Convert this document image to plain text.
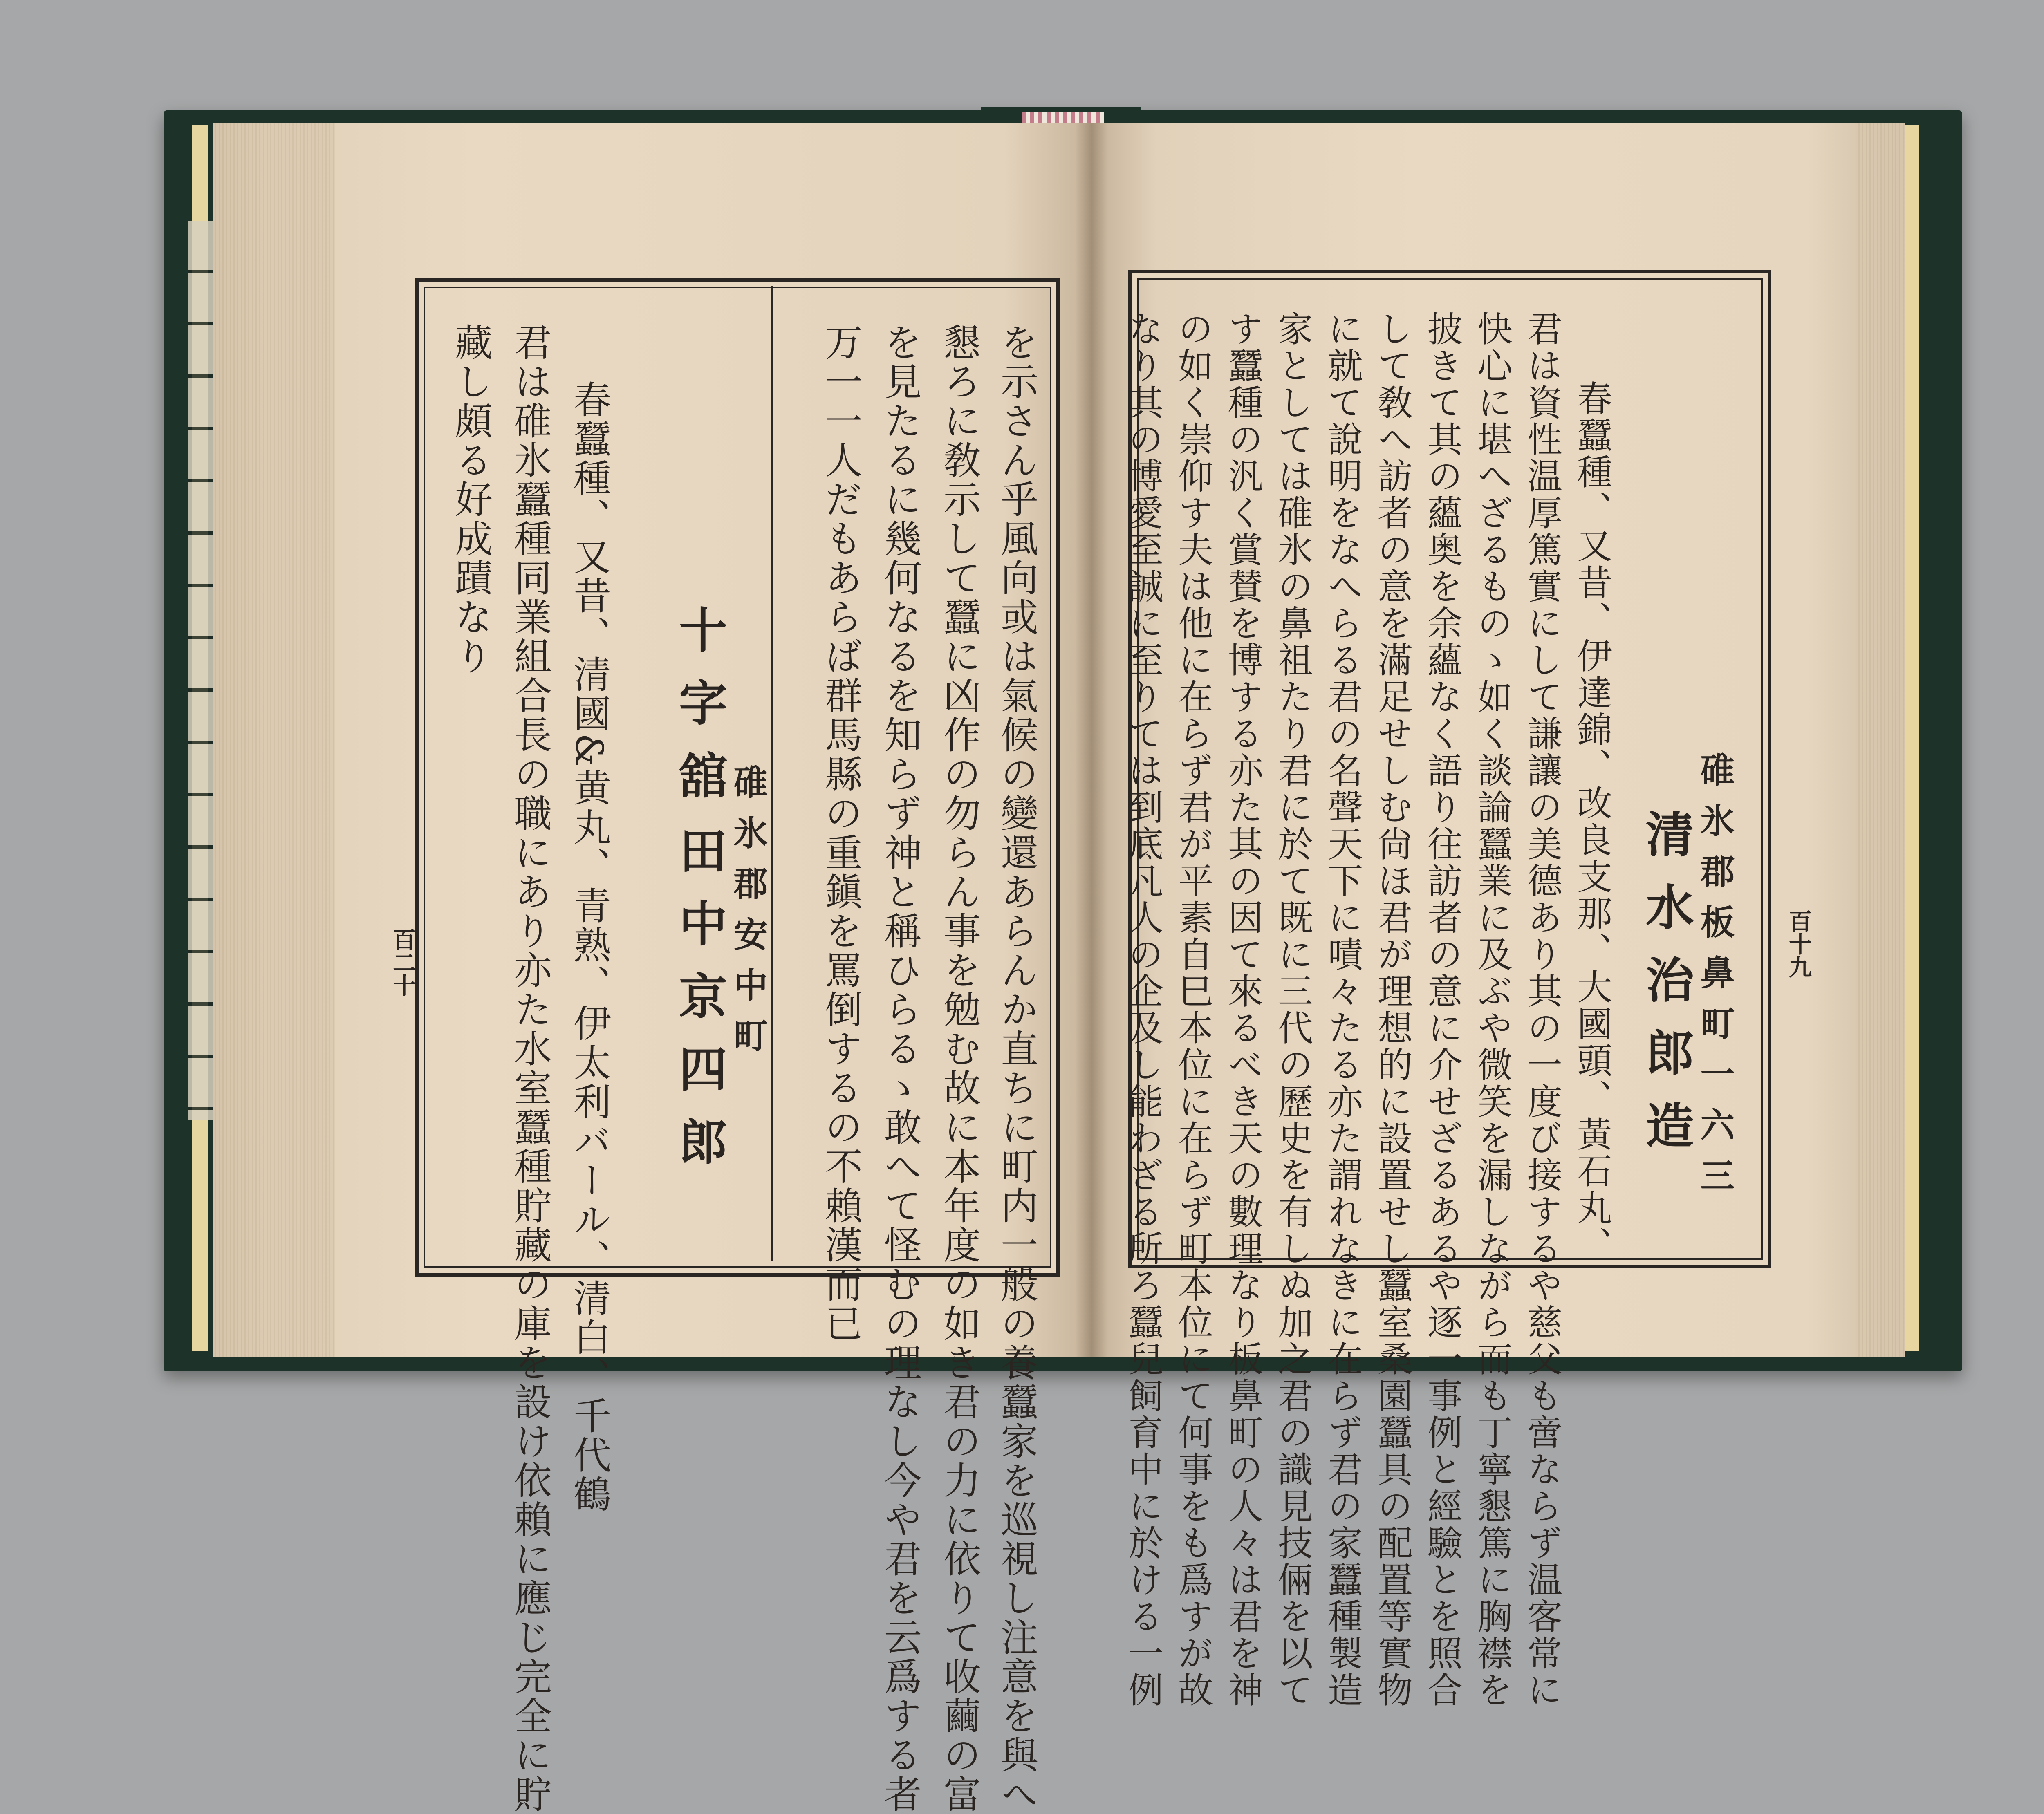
を示さん乎風向或は氣候の變還あらんか直ちに町内一般の養蠶家を巡視し注意を與へ
懇ろに敎示して蠶に凶作の勿らん事を勉む故に本年度の如き君の力に依りて收繭の富
を見たるに幾何なるを知らず神と稱ひらるゝ敢へて怪むの理なし今や君を云爲する者
万一一人だもあらば群馬縣の重鎭を罵倒するの不賴漢而已
碓氷郡安中町
田中京四郎
十字舘
春蠶種、又昔、清國&黄丸、青熟、伊太利バール、清白、千代鶴
君は碓氷蠶種同業組合長の職にあり亦た水室蠶種貯藏の庫を設け依賴に應じ完全に貯
藏し頗る好成蹟なり
百二十	百十九
碓氷郡板鼻町一六三
清水治郎造
春蠶種、又昔、伊達錦、改良支那、大國頭、黃石丸、
君は資性温厚篤實にして謙讓の美德あり其の一度び接するや慈父も啻ならず温客常に
快心に堪へざるものゝ如く談論蠶業に及ぶや微笑を漏しながら而も丁寧懇篤に胸襟を
披きて其の蘊奥を余蘊なく語り往訪者の意に介せざるあるや逐一事例と經驗とを照合
して敎へ訪者の意を滿足せしむ尙ほ君が理想的に設置せし蠶室桑園蠶具の配置等實物
に就て說明をなへらる君の名聲天下に嘖々たる亦た謂れなきに在らず君の家蠶種製造
家としては碓氷の鼻祖たり君に於て既に三代の歷史を有しぬ加之君の識見技倆を以て
す蠶種の汎く賞賛を博する亦た其の因て來るべき天の數理なり板鼻町の人々は君を神
の如く崇仰す夫は他に在らず君が平素自巳本位に在らず町本位にて何事をも爲すが故
なり其の博愛至誠に至りては到底凡人の企及し能わざる所ろ蠶兒飼育中に於ける一例
